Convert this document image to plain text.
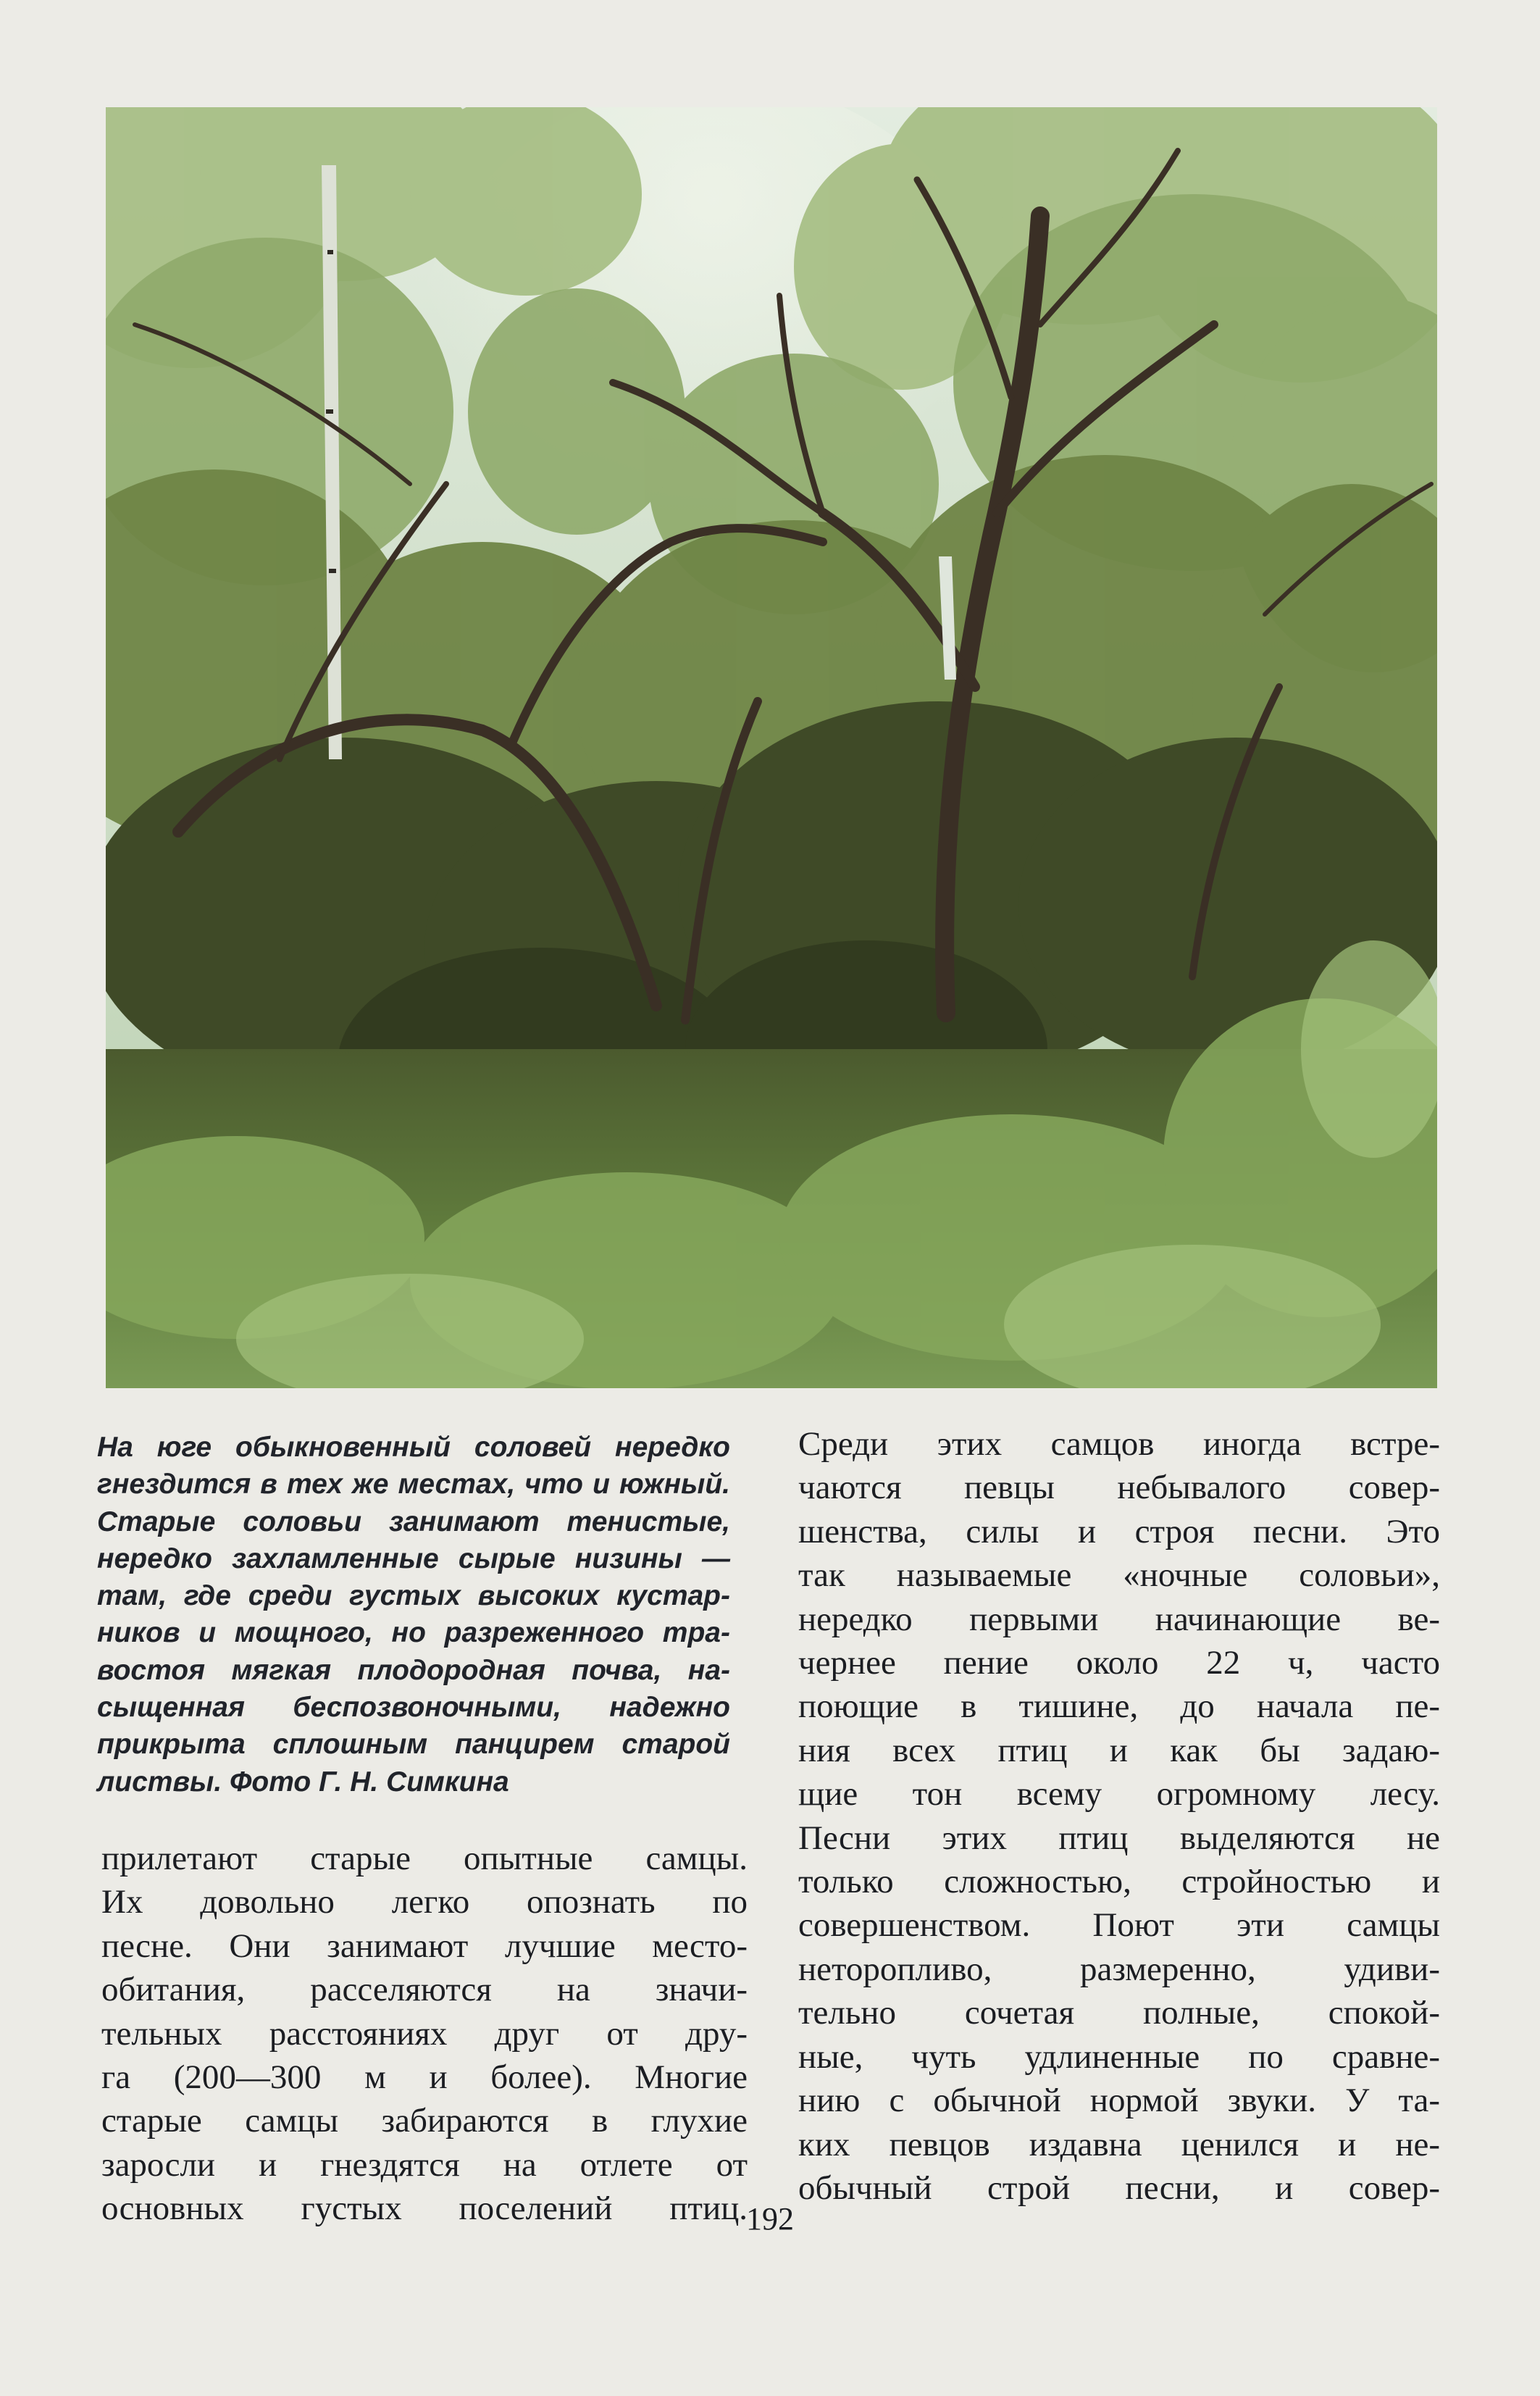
На юге обыкновенный соловей нередко
гнездится в тех же местах, что и южный.
Старые соловьи занимают тенистые,
нередко захламленные сырые низины —
там, где среди густых высоких кустар-
ников и мощного, но разреженного тра-
востоя мягкая плодородная почва, на-
сыщенная беспозвоночными, надежно
прикрыта сплошным панцирем старой
листвы. Фото Г. Н. Симкина
прилетают старые опытные самцы.
Их довольно легко опознать по
песне. Они занимают лучшие место-
обитания, расселяются на значи-
тельных расстояниях друг от дру-
га (200—300 м и более). Многие
старые самцы забираются в глухие
заросли и гнездятся на отлете от
основных густых поселений птиц.
Среди этих самцов иногда встре-
чаются певцы небывалого совер-
шенства, силы и строя песни. Это
так называемые «ночные соловьи»,
нередко первыми начинающие ве-
чернее пение около 22 ч, часто
поющие в тишине, до начала пе-
ния всех птиц и как бы задаю-
щие тон всему огромному лесу.
Песни этих птиц выделяются не
только сложностью, стройностью и
совершенством. Поют эти самцы
неторопливо, размеренно, удиви-
тельно сочетая полные, спокой-
ные, чуть удлиненные по сравне-
нию с обычной нормой звуки. У та-
ких певцов издавна ценился и не-
обычный строй песни, и совер-
192
